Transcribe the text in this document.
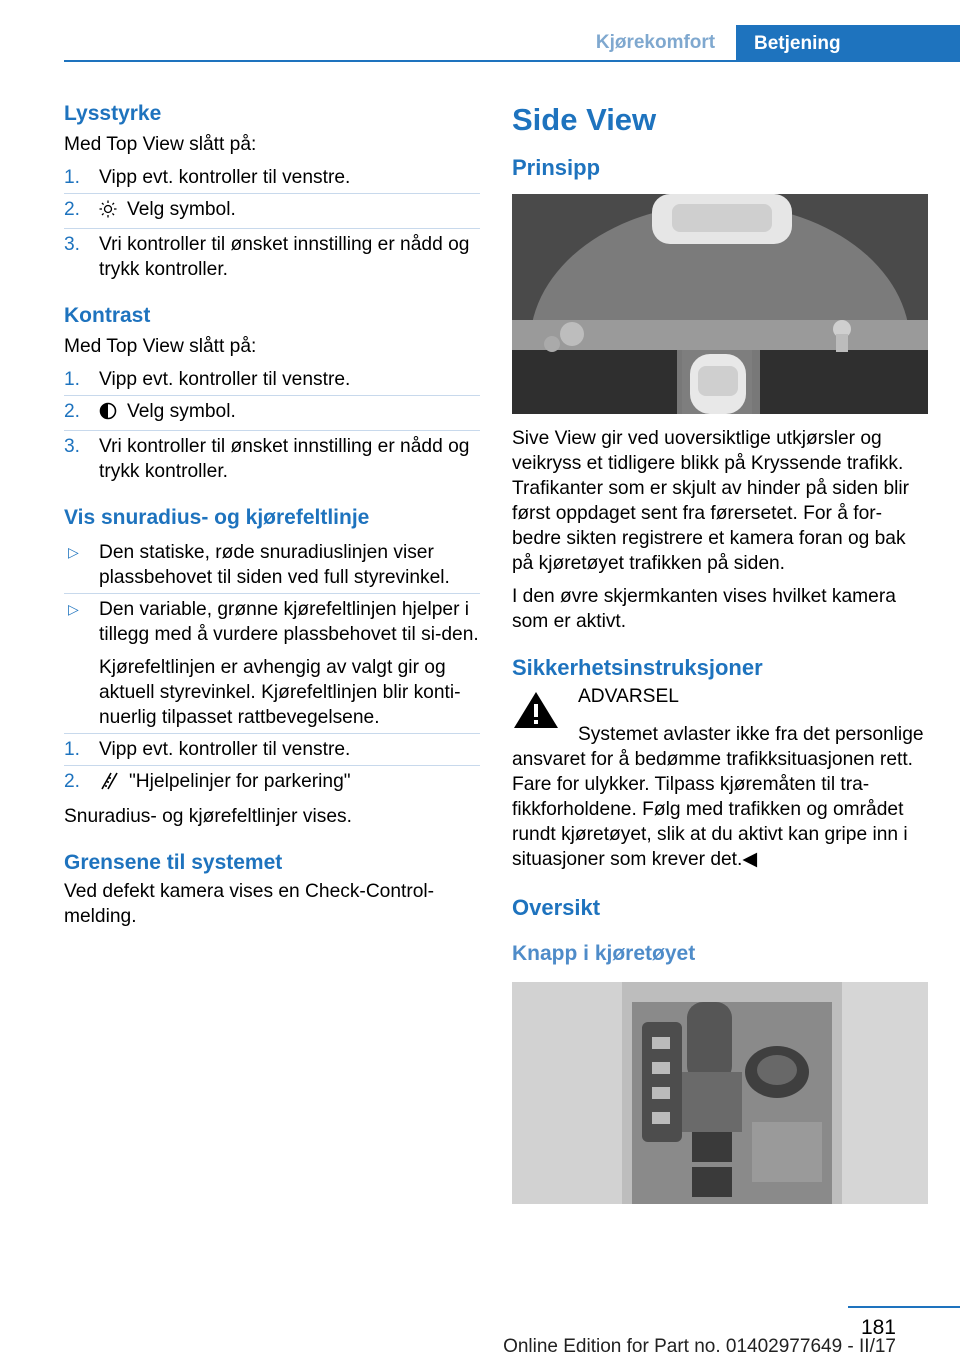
Kjørekomfort	Betjening
Lysstyrke

Med Top View slått på:

1. Vipp evt. kontroller til venstre.
2. Velg symbol.
3. Vri kontroller til ønsket innstilling er nådd og trykk kontroller.
Kontrast

Med Top View slått på:

1. Vipp evt. kontroller til venstre.
2. Velg symbol.
3. Vri kontroller til ønsket innstilling er nådd og trykk kontroller.
Vis snuradius- og kjørefeltlinje
▷ Den statiske, røde snuradiuslinjen viser plassbehovet til siden ved full styrevinkel.
▷ Den variable, grønne kjørefeltlinjen hjelper i tillegg med å vurdere plassbehovet til si-den.
Kjørefeltlinjen er avhengig av valgt gir og aktuell styrevinkel. Kjørefeltlinjen blir konti-nuerlig tilpasset rattbevegelsene.
1. Vipp evt. kontroller til venstre.
2.	"Hjelpelinjer for parkering"

Snuradius- og kjørefeltlinjer vises.

Grensene til systemet

Ved defekt kamera vises en Check-Control-melding.

Side View
Prinsipp

Sive View gir ved uoversiktlige utkjørsler og veikryss et tidligere blikk på Kryssende trafikk. Trafikanter som er skjult av hinder på siden blir først oppdaget sent fra førersetet. For å for-bedre sikten registrere et kamera foran og bak på kjøretøyet trafikken på siden.

I den øvre skjermkanten vises hvilket kamera som er aktivt.

Sikkerhetsinstruksjoner
ADVARSEL

Systemet avlaster ikke fra det personlige ansvaret for å bedømme trafikksituasjonen rett. Fare for ulykker. Tilpass kjøremåten til tra-fikkforholdene. Følg med trafikken og området rundt kjøretøyet, slik at du aktivt kan gripe inn i situasjoner som krever det.◀

Oversikt
Knapp i kjøretøyet
181
Online Edition for Part no. 01402977649 - II/17
